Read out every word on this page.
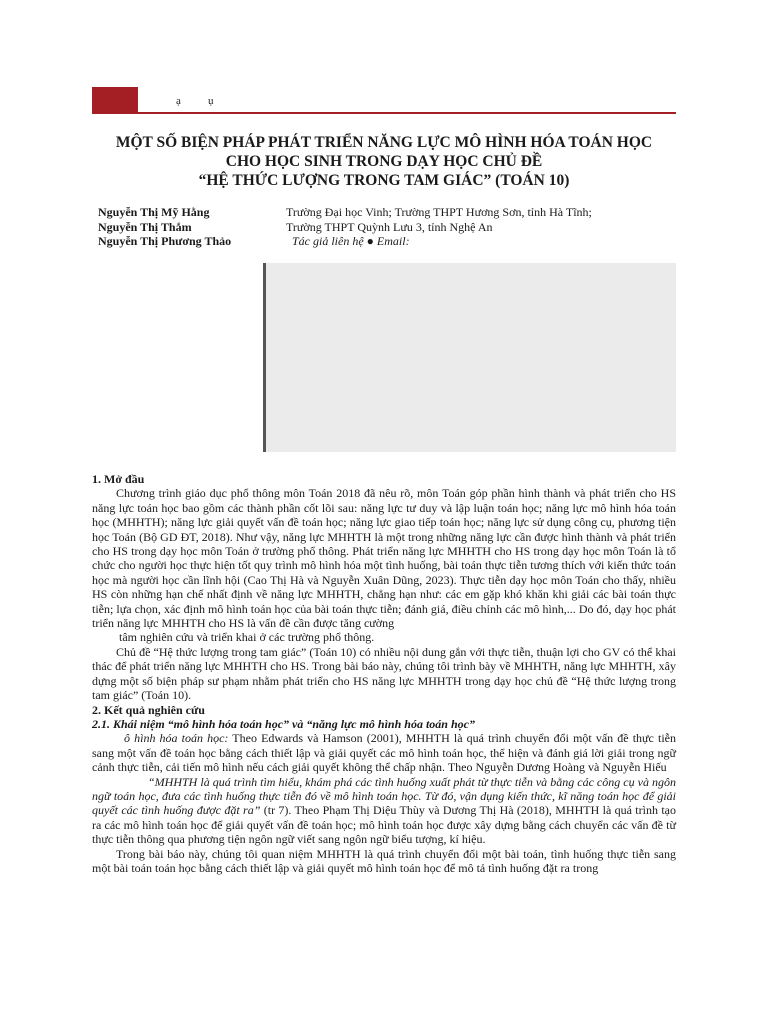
ạ ụ
MỘT SỐ BIỆN PHÁP PHÁT TRIỂN NĂNG LỰC MÔ HÌNH HÓA TOÁN HỌC
CHO HỌC SINH TRONG DẠY HỌC CHỦ ĐỀ
“HỆ THỨC LƯỢNG TRONG TAM GIÁC” (TOÁN 10)
Nguyễn Thị Mỹ Hằng	Trường Đại học Vinh; Trường THPT Hương Sơn, tỉnh Hà Tĩnh;
Nguyễn Thị Thắm	Trường THPT Quỳnh Lưu 3, tỉnh Nghệ An
Nguyễn Thị Phương Thảo	Tác giả liên hệ ● Email:

1. Mở đầu

Chương trình giáo dục phổ thông môn Toán 2018 đã nêu rõ, môn Toán góp phần hình thành và phát triển cho HS năng lực toán học bao gồm các thành phần cốt lõi sau: năng lực tư duy và lập luận toán học; năng lực mô hình hóa toán học (MHHTH); năng lực giải quyết vấn đề toán học; năng lực giao tiếp toán học; năng lực sử dụng công cụ, phương tiện học Toán (Bộ GD ĐT, 2018). Như vậy, năng lực MHHTH là một trong những năng lực cần được hình thành và phát triển cho HS trong dạy học môn Toán ở trường phổ thông. Phát triển năng lực MHHTH cho HS trong dạy học môn Toán là tổ chức cho người học thực hiện tốt quy trình mô hình hóa một tình huống, bài toán thực tiễn tương thích với kiến thức toán học mà người học cần lĩnh hội (Cao Thị Hà và Nguyễn Xuân Dũng, 2023). Thực tiễn dạy học môn Toán cho thấy, nhiều HS còn những hạn chế nhất định về năng lực MHHTH, chẳng hạn như: các em gặp khó khăn khi giải các bài toán thực tiễn; lựa chọn, xác định mô hình toán học của bài toán thực tiễn; đánh giá, điều chỉnh các mô hình,... Do đó, dạy học phát triển năng lực MHHTH cho HS là vấn đề cần được tăng cường

tâm nghiên cứu và triển khai ở các trường phổ thông.

Chủ đề “Hệ thức lượng trong tam giác” (Toán 10) có nhiều nội dung gắn với thực tiễn, thuận lợi cho GV có thể khai thác để phát triển năng lực MHHTH cho HS. Trong bài báo này, chúng tôi trình bày về MHHTH, năng lực MHHTH, xây dựng một số biện pháp sư phạm nhằm phát triển cho HS năng lực MHHTH trong dạy học chủ đề “Hệ thức lượng trong tam giác” (Toán 10).

2. Kết quả nghiên cứu

2.1. Khái niệm “mô hình hóa toán học” và “năng lực mô hình hóa toán học”

ô hình hóa toán học: Theo Edwards và Hamson (2001), MHHTH là quá trình chuyển đổi một vấn đề thực tiễn sang một vấn đề toán học bằng cách thiết lập và giải quyết các mô hình toán học, thể hiện và đánh giá lời giải trong ngữ cảnh thực tiễn, cải tiến mô hình nếu cách giải quyết không thể chấp nhận. Theo Nguyễn Dương Hoàng và Nguyễn Hiếu

“MHHTH là quá trình tìm hiểu, khám phá các tình huống xuất phát từ thực tiễn và bằng các công cụ và ngôn ngữ toán học, đưa các tình huống thực tiễn đó về mô hình toán học. Từ đó, vận dụng kiến thức, kĩ năng toán học để giải quyết các tình huống được đặt ra” (tr 7). Theo Phạm Thị Diệu Thùy và Dương Thị Hà (2018), MHHTH là quá trình tạo ra các mô hình toán học để giải quyết vấn đề toán học; mô hình toán học được xây dựng bằng cách chuyển các vấn đề từ thực tiễn thông qua phương tiện ngôn ngữ viết sang ngôn ngữ biểu tượng, kí hiệu.

Trong bài báo này, chúng tôi quan niệm MHHTH là quá trình chuyển đổi một bài toán, tình huống thực tiễn sang một bài toán toán học bằng cách thiết lập và giải quyết mô hình toán học để mô tả tình huống đặt ra trong
